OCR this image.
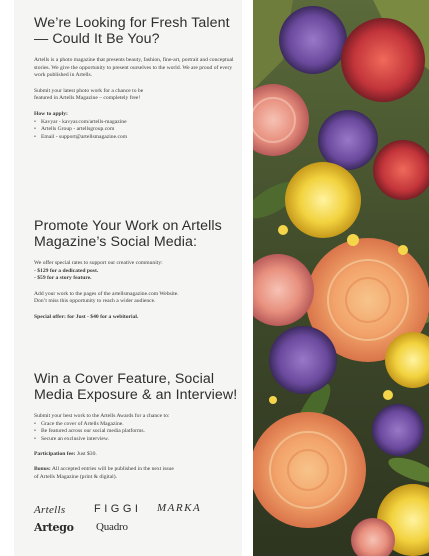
We’re Looking for Fresh Talent — Could It Be You?

Artells is a photo magazine that presents beauty, fashion, fine-art, portrait and conceptual stories. We give the opportunity to present ourselves to the world. We are proud of every work published in Artells.

Submit your latest photo work for a chance to be

featured in Artells Magazine – completely free!

How to apply:

• Kavyar - kavyar.com/artells-magazine
• Artells Group - artellsgroup.com
• Email - support@artellsmagazine.com
Promote Your Work on Artells Magazine’s Social Media:

We offer special rates to support our creative community:

- $129 for a dedicated post.

- $59 for a story feature.

Add your work to the pages of the artellsmagazine.com Website.

Don’t miss this opportunity to reach a wider audience.

Special offer: for Just - $40 for a webitorial.

Win a Cover Feature, Social Media Exposure & an Interview!

Submit your best work to the Artells Awards for a chance to:

• Grace the cover of Artells Magazine.
• Be featured across our social media platforms.
• Secure an exclusive interview.

Participation fee: Just $30.

Bonus: All accepted entries will be published in the next issue

of Artells Magazine (print & digital).

Artells	FIGGI MARKA
Artego Quadro
